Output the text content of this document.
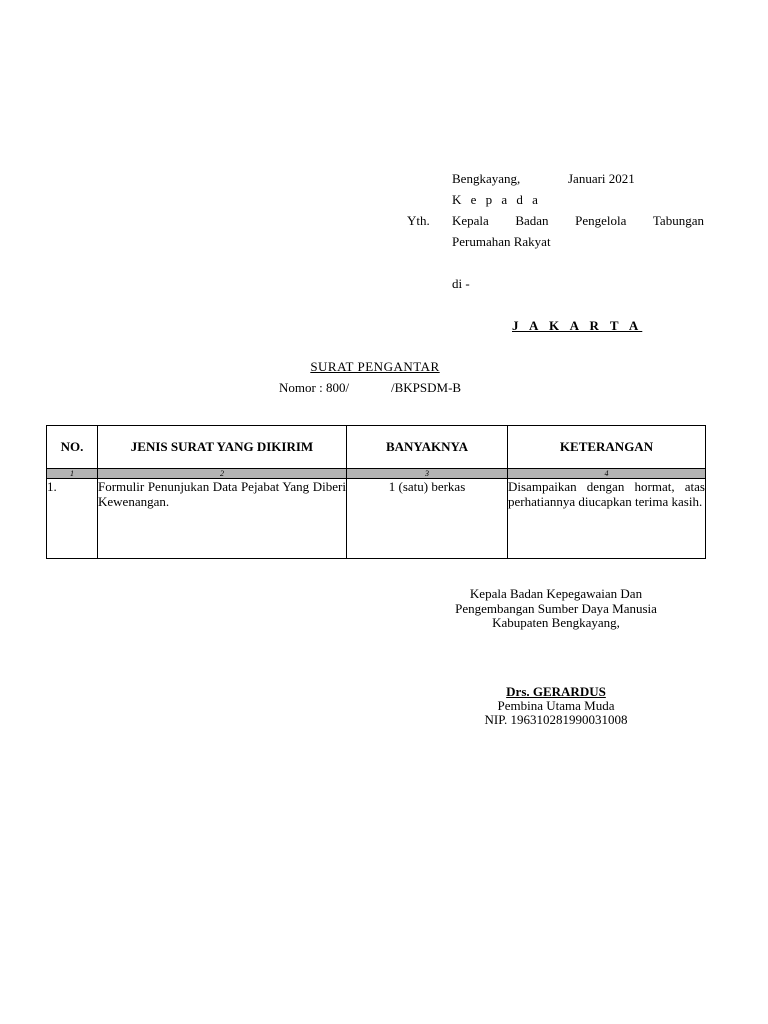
Bengkayang,	Januari 2021
K e p a d a
Yth. Kepala Badan Pengelola Tabungan
Perumahan Rakyat
di -
J A K A R T A
SURAT PENGANTAR
Nomor : 800/	/BKPSDM-B
NO.	JENIS SURAT YANG DIKIRIM	BANYAKNYA	KETERANGAN
1	2	3	4
1.	Formulir Penunjukan Data Pejabat Yang Diberi Kewenangan.	1 (satu) berkas	Disampaikan dengan hormat, atas perhatiannya diucapkan terima kasih.
Kepala Badan Kepegawaian Dan
Pengembangan Sumber Daya Manusia
Kabupaten Bengkayang,
Drs. GERARDUS
Pembina Utama Muda
NIP. 196310281990031008
